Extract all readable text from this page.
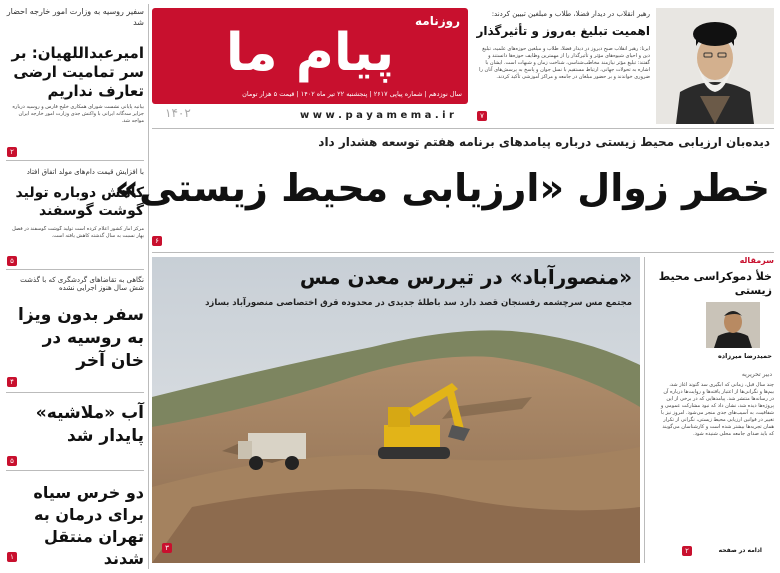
سفیر روسیه به وزارت امور خارجه احضار شد
امیرعبداللهیان: بر سر تمامیت ارضی تعارف نداریم
بیانیه پایانی نشست شورای همکاری خلیج فارس و روسیه درباره جزایر سه‌گانه ایرانی با واکنش جدی وزارت امور خارجه ایران مواجه شد.
۲
با افزایش قیمت دام‌های مولد اتفاق افتاد
کاهش دوباره تولید گوشت گوسفند
مرکز آمار کشور اعلام کرده است تولید گوشت گوسفند در فصل بهار نسبت به سال گذشته کاهش یافته است.
۵
نگاهی به تقاضاهای گردشگری که با گذشت شش سال هنوز اجرایی نشده
سفر بدون ویزا به روسیه در خان آخر
۴
آب «ملاشیه» پایدار شد
۵
دو خرس سیاه برای درمان به تهران منتقل شدند
۱
روزنامه
پیام ما
سال نوزدهم | شماره پیاپی ۲۶۱۷ | پنجشنبه ۲۲ تیر ماه ۱۴۰۲ | قیمت ۵ هزار تومان
۱۴۰۲	w w w . p a y a m e m a . i r
رهبر انقلاب در دیدار فضلا، طلاب و مبلغین تبیین کردند:
اهمیت تبلیغ به‌روز و تأثیرگذار
ایرنا: رهبر انقلاب صبح دیروز در دیدار فضلا، طلاب و مبلغین حوزه‌های علمیه، تبلیغ دین و احیای شیوه‌های مؤثر و تأثیرگذار را از مهمترین وظایف حوزه‌ها دانستند و گفتند: تبلیغ مؤثر نیازمند مخاطب‌شناسی، شناخت زمان و شبهات است. ایشان با اشاره به تحولات جهانی، ارتباط مستقیم با نسل جوان و پاسخ به پرسش‌های آنان را ضروری خواندند و بر حضور مبلغان در جامعه و مراکز آموزشی تأکید کردند.
۷
دیده‌بان ارزیابی محیط زیستی درباره پیامدهای برنامه هفتم توسعه هشدار داد
خطر زوال «ارزیابی محیط زیستی»
۶
«منصورآباد» در تیررس معدن مس
مجتمع مس سرچشمه رفسنجان قصد دارد سد باطلهٔ جدیدی در محدوده قرق اختصاصی منصورآباد بسازد
۳
سرمقاله
خلأ دموکراسی محیط زیستی
حمیدرضا میرزاده
دبیر تحریریه
چند سال قبل، زمانی که آبگیری سد گتوند آغاز شد، بیم‌ها و نگرانی‌ها از اعتبار یافته‌ها و روایت‌ها درباره آن در رسانه‌ها منتشر شد. پیامدهایی که در برخی از این پروژه‌ها دیده شد، نشان داد که نبود مشارکت عمومی و شفافیت، به آسیب‌های جدی منجر می‌شود. امروز نیز با تغییر در قوانین ارزیابی محیط زیستی، نگرانی از تکرار همان تجربه‌ها بیشتر شده است و کارشناسان می‌گویند که باید صدای جامعه محلی شنیده شود.
ادامه در صفحه
۲
